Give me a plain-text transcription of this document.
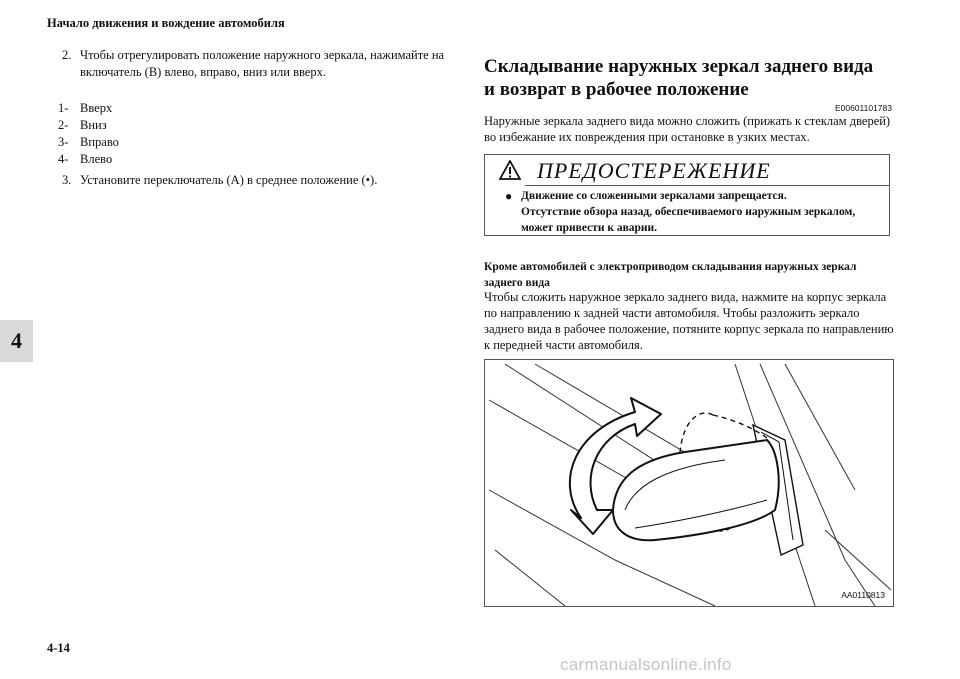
Начало движения и вождение автомобиля
4
2. Чтобы отрегулировать положение наружного зеркала, нажимайте на включатель (B) влево, вправо, вниз или вверх.
1- Вверх
2- Вниз
3- Вправо
4- Влево
3. Установите переключатель (A) в среднее положение (•).
Складывание наружных зеркал заднего вида
и возврат в рабочее положение
E00601101783
Наружные зеркала заднего вида можно сложить (прижать к стеклам дверей) во избежание их повреждения при остановке в узких местах.
ПРЕДОСТЕРЕЖЕНИЕ
● Движение со сложенными зеркалами запрещается.
Отсутствие обзора назад, обеспечиваемого наружным зеркалом, может привести к аварии.
Кроме автомобилей с электроприводом складывания наружных зеркал заднего вида
Чтобы сложить наружное зеркало заднего вида, нажмите на корпус зеркала по направлению к задней части автомобиля. Чтобы разложить зеркало заднего вида в рабочее положение, потяните корпус зеркала по направлению к передней части автомобиля.
AA0110813
4-14
carmanualsonline.info
